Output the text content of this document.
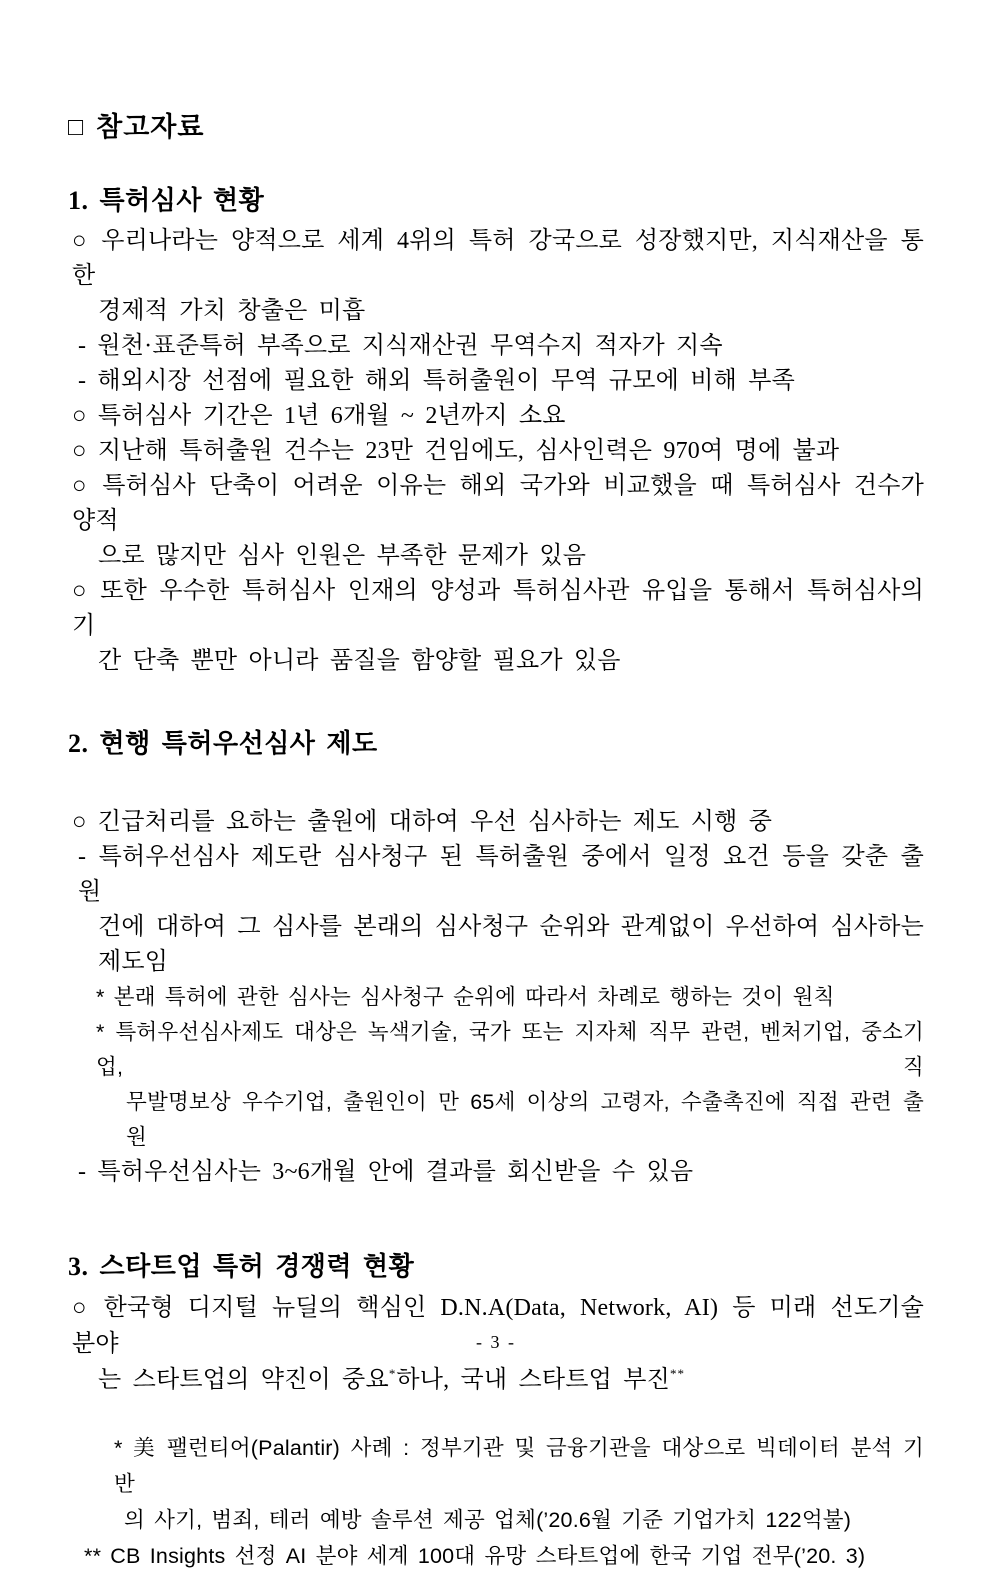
□ 참고자료
1. 특허심사 현황

○ 우리나라는 양적으로 세계 4위의 특허 강국으로 성장했지만, 지식재산을 통한

경제적 가치 창출은 미흡

- 원천·표준특허 부족으로 지식재산권 무역수지 적자가 지속

- 해외시장 선점에 필요한 해외 특허출원이 무역 규모에 비해 부족

○ 특허심사 기간은 1년 6개월 ~ 2년까지 소요

○ 지난해 특허출원 건수는 23만 건임에도, 심사인력은 970여 명에 불과

○ 특허심사 단축이 어려운 이유는 해외 국가와 비교했을 때 특허심사 건수가 양적

으로 많지만 심사 인원은 부족한 문제가 있음

○ 또한 우수한 특허심사 인재의 양성과 특허심사관 유입을 통해서 특허심사의 기

간 단축 뿐만 아니라 품질을 함양할 필요가 있음

2. 현행 특허우선심사 제도

○ 긴급처리를 요하는 출원에 대하여 우선 심사하는 제도 시행 중

- 특허우선심사 제도란 심사청구 된 특허출원 중에서 일정 요건 등을 갖춘 출원

건에 대하여 그 심사를 본래의 심사청구 순위와 관계없이 우선하여 심사하는

제도임

* 본래 특허에 관한 심사는 심사청구 순위에 따라서 차례로 행하는 것이 원칙

* 특허우선심사제도 대상은 녹색기술, 국가 또는 지자체 직무 관련, 벤처기업, 중소기업, 직

무발명보상 우수기업, 출원인이 만 65세 이상의 고령자, 수출촉진에 직접 관련 출원

- 특허우선심사는 3~6개월 안에 결과를 회신받을 수 있음

3. 스타트업 특허 경쟁력 현황

○ 한국형 디지털 뉴딜의 핵심인 D.N.A(Data, Network, AI) 등 미래 선도기술 분야

는 스타트업의 약진이 중요*하나, 국내 스타트업 부진**

* 美 팰런티어(Palantir) 사례 : 정부기관 및 금융기관을 대상으로 빅데이터 분석 기반

의 사기, 범죄, 테러 예방 솔루션 제공 업체(’20.6월 기준 기업가치 122억불)

** CB Insights 선정 AI 분야 세계 100대 유망 스타트업에 한국 기업 전무(’20. 3)

- 3 -
